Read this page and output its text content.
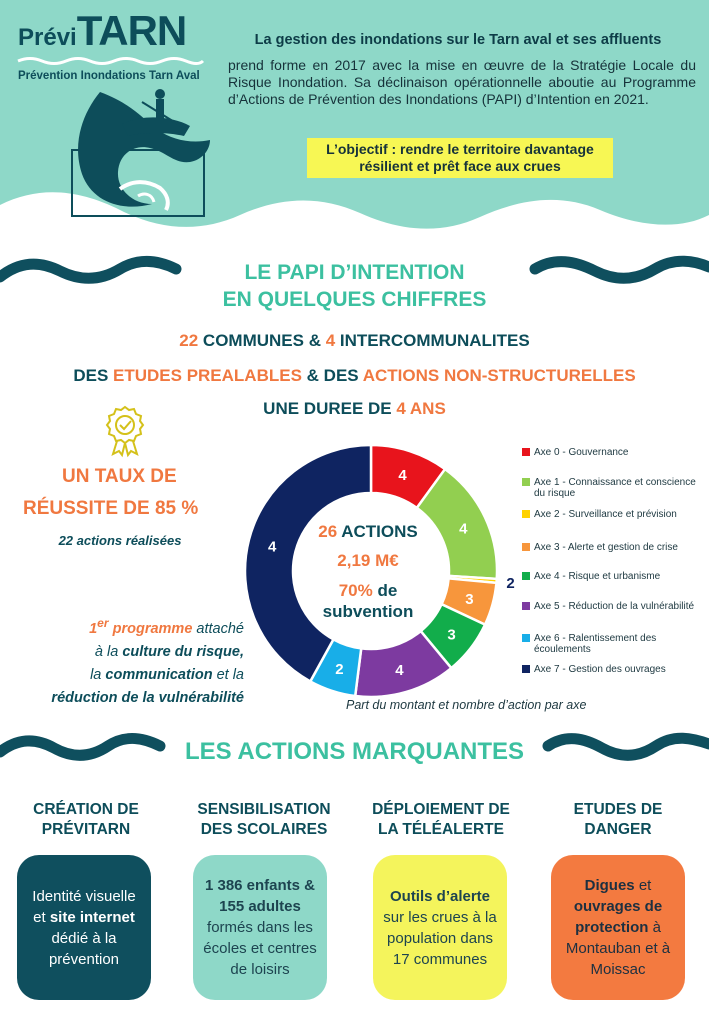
PréviTARN
Prévention Inondations Tarn Aval
La gestion des inondations sur le Tarn aval et ses affluents
prend forme en 2017 avec la mise en œuvre de la Stratégie Locale du Risque Inondation. Sa déclinaison opérationnelle aboutie au Programme d’Actions de Prévention des Inondations (PAPI) d’Intention en 2021.
L’objectif : rendre le territoire davantage
résilient et prêt face aux crues
LE PAPI D’INTENTION
EN QUELQUES CHIFFRES
22 COMMUNES & 4 INTERCOMMUNALITES
DES ETUDES PREALABLES & DES ACTIONS NON-STRUCTURELLES
UNE DUREE DE 4 ANS
UN TAUX DE
RÉUSSITE DE 85 %
22 actions réalisées
1er programme attaché
à la culture du risque,
la communication et la
réduction de la vulnérabilité
4
4
2
3
3
4
2
4
26 ACTIONS
2,19 M€
70% de
subvention
Axe 0 - Gouvernance
Axe 1 - Connaissance et conscience du risque
Axe 2 - Surveillance et prévision
Axe 3 - Alerte et gestion de crise
Axe 4 - Risque et urbanisme
Axe 5 - Réduction de la vulnérabilité
Axe 6 - Ralentissement des écoulements
Axe 7 - Gestion des ouvrages
Part du montant et nombre d’action par axe
LES ACTIONS MARQUANTES
CRÉATION DE
PRÉVITARN
SENSIBILISATION
DES SCOLAIRES
DÉPLOIEMENT DE
LA TÉLÉALERTE
ETUDES DE
DANGER
Identité visuelle et site internet dédié à la prévention
1 386 enfants & 155 adultes formés dans les écoles et centres de loisirs
Outils d’alerte sur les crues à la population dans 17 communes
Digues et ouvrages de protection à Montauban et à Moissac
